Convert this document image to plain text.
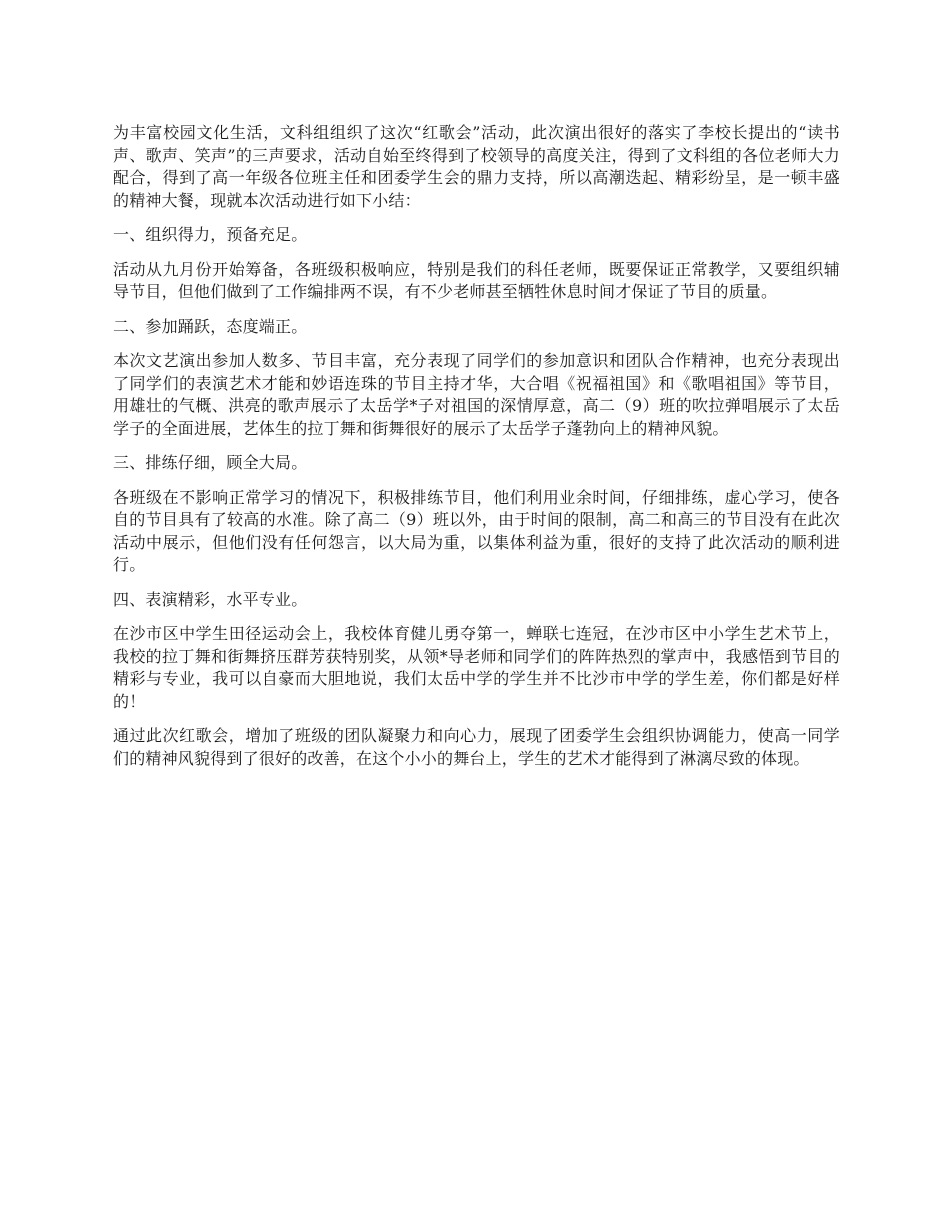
为丰富校园文化生活，文科组组织了这次“红歌会”活动，此次演出很好的落实了李校长提出的“读书声、歌声、笑声”的三声要求，活动自始至终得到了校领导的高度关注，得到了文科组的各位老师大力配合，得到了高一年级各位班主任和团委学生会的鼎力支持，所以高潮迭起、精彩纷呈，是一顿丰盛的精神大餐，现就本次活动进行如下小结：

一、组织得力，预备充足。

活动从九月份开始筹备，各班级积极响应，特别是我们的科任老师，既要保证正常教学，又要组织辅导节目，但他们做到了工作编排两不误，有不少老师甚至牺牲休息时间才保证了节目的质量。

二、参加踊跃，态度端正。

本次文艺演出参加人数多、节目丰富，充分表现了同学们的参加意识和团队合作精神，也充分表现出了同学们的表演艺术才能和妙语连珠的节目主持才华，大合唱《祝福祖国》和《歌唱祖国》等节目，用雄壮的气概、洪亮的歌声展示了太岳学*子对祖国的深情厚意，高二（9）班的吹拉弹唱展示了太岳学子的全面进展，艺体生的拉丁舞和街舞很好的展示了太岳学子蓬勃向上的精神风貌。

三、排练仔细，顾全大局。

各班级在不影响正常学习的情况下，积极排练节目，他们利用业余时间，仔细排练，虚心学习，使各自的节目具有了较高的水准。除了高二（9）班以外，由于时间的限制，高二和高三的节目没有在此次活动中展示，但他们没有任何怨言，以大局为重，以集体利益为重，很好的支持了此次活动的顺利进行。

四、表演精彩，水平专业。

在沙市区中学生田径运动会上，我校体育健儿勇夺第一，蝉联七连冠，在沙市区中小学生艺术节上，我校的拉丁舞和街舞挤压群芳获特别奖，从领*导老师和同学们的阵阵热烈的掌声中，我感悟到节目的精彩与专业，我可以自豪而大胆地说，我们太岳中学的学生并不比沙市中学的学生差，你们都是好样的！

通过此次红歌会，增加了班级的团队凝聚力和向心力，展现了团委学生会组织协调能力，使高一同学们的精神风貌得到了很好的改善，在这个小小的舞台上，学生的艺术才能得到了淋漓尽致的体现。
